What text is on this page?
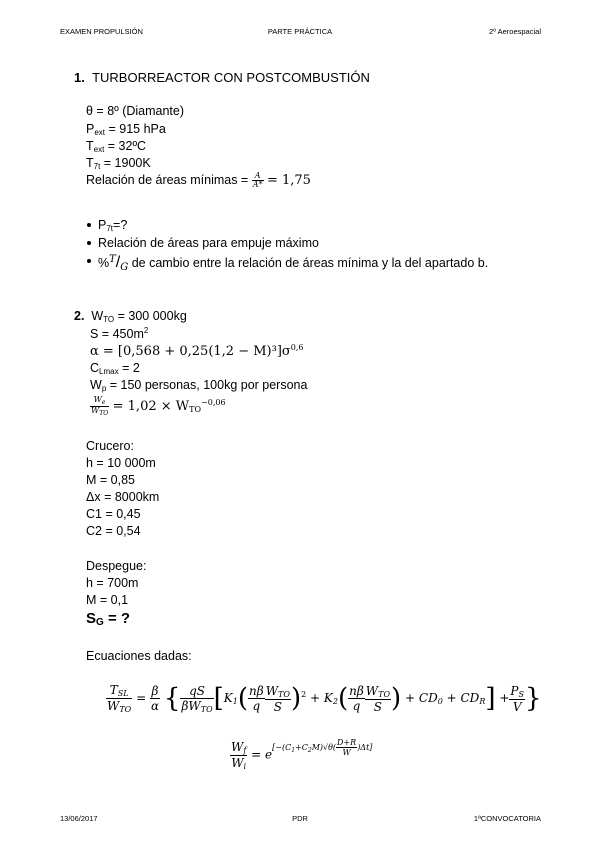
EXAMEN PROPULSIÓN	PARTE PRÁCTICA	2º Aeroespacial
1. TURBORREACTOR CON POSTCOMBUSTIÓN
θ = 8º (Diamante)
$P_{ext} = 915$ hPa
$T_{ext}$ = 32ºC
$T_{7t} = 1900K$
Relación de áreas mínimas = $\frac{A}{A*} = 1,75$
$P_{7t}=$?
Relación de áreas para empuje máximo
$\%^T/_G$ de cambio entre la relación de áreas mínima y la del apartado b.
2.  $W_{TO} = 300$ 000kg
$S = 450m^2$
$\alpha = [0,568 + 0,25(1,2 - M)^3]\sigma^{0,6}$
$C_{Lmax} = 2$
$W_p = 150$ personas, 100kg por persona
$\frac{W_e}{W_{TO}} = 1,02 \times W_{TO}^{-0,06}$
Crucero:
h = 10 000m
M = 0,85
Δx = 8000km
C1 = 0,45
C2 = 0,54
Despegue:
h = 700m
M = 0,1
$S_G$ = ?
Ecuaciones dadas:
$\frac{T_{SL}}{W_{TO}} = \frac{\beta}{\alpha}$ { $\frac{qS}{\beta W_{TO}} [K_1( \frac{n\beta}{q} \frac{W_{TO}}{S} )^2 + K_2( \frac{n\beta}{q} \frac{W_{TO}}{S}$ ) + $CD_0 + CD_R] + \frac{P_S}{V}$ }
$\frac{W_f}{W_i} = e[-(C1+C2M)√\theta( D+R W )\Delta t]$
13/06/2017	PDR	1ªCONVOCATORIA
